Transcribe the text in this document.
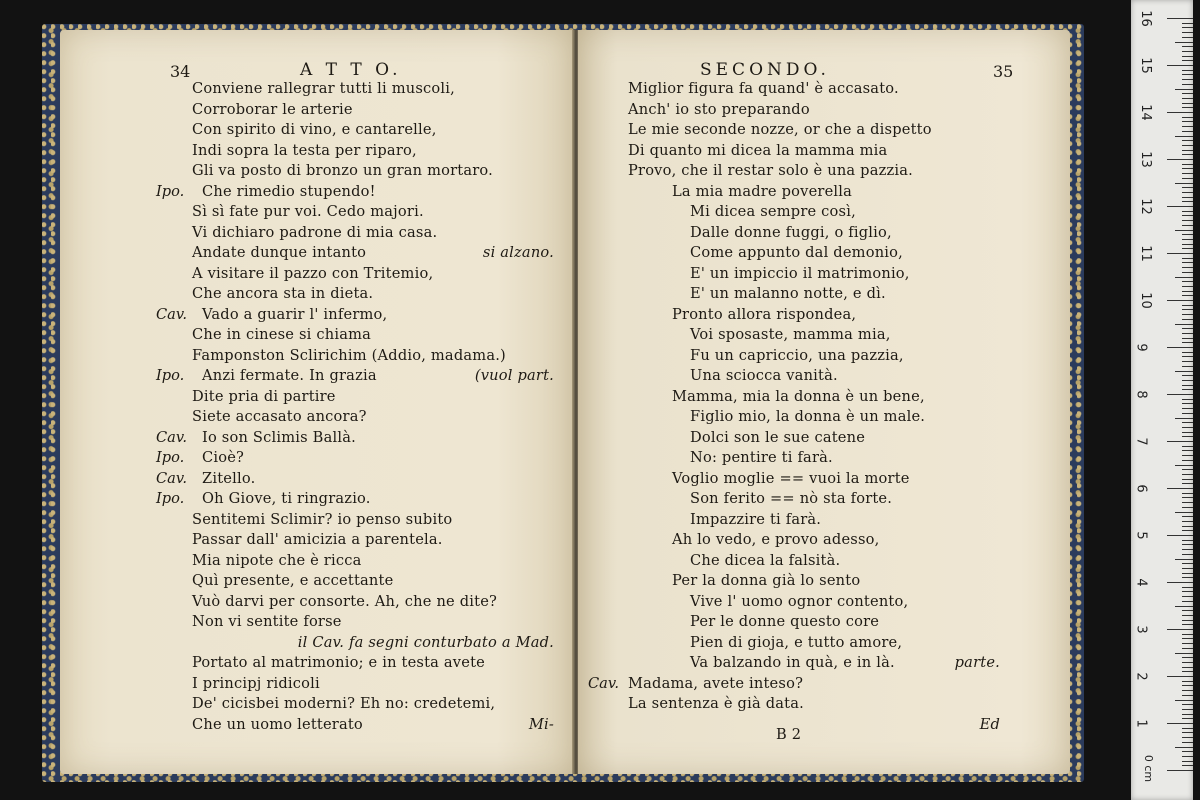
34	A T T O.
Conviene rallegrar tutti li muscoli,
Corroborar le arterie
Con spirito di vino, e cantarelle,
Indi sopra la testa per riparo,
Gli va posto di bronzo un gran mortaro.
Ipo. Che rimedio stupendo!
Sì sì fate pur voi. Cedo majori.
Vi dichiaro padrone di mia casa.
Andate dunque intanto	si alzano.
A visitare il pazzo con Tritemio,
Che ancora sta in dieta.
Cav. Vado a guarir l' infermo,
Che in cinese si chiama
Famponston Sclirichim (Addio, madama.)
Ipo. Anzi fermate. In grazia	(vuol part.
Dite pria di partire
Siete accasato ancora?
Cav. Io son Sclimis Ballà.
Ipo. Cioè?
Cav. Zitello.
Ipo. Oh Giove, ti ringrazio.
Sentitemi Sclimir? io penso subito
Passar dall' amicizia a parentela.
Mia nipote che è ricca
Quì presente, e accettante
Vuò darvi per consorte. Ah, che ne dite?
Non vi sentite forse
il Cav. fa segni conturbato a Mad.
Portato al matrimonio; e in testa avete
I principj ridicoli
De' cicisbei moderni? Eh no: credetemi,
Che un uomo letterato	Mi-
SECONDO.	35
Miglior figura fa quand' è accasato.
Anch' io sto preparando
Le mie seconde nozze, or che a dispetto
Di quanto mi dicea la mamma mia
Provo, che il restar solo è una pazzia.
La mia madre poverella
Mi dicea sempre così,
Dalle donne fuggi, o figlio,
Come appunto dal demonio,
E' un impiccio il matrimonio,
E' un malanno notte, e dì.
Pronto allora rispondea,
Voi sposaste, mamma mia,
Fu un capriccio, una pazzia,
Una sciocca vanità.
Mamma, mia la donna è un bene,
Figlio mio, la donna è un male.
Dolci son le sue catene
No: pentire ti farà.
Voglio moglie == vuoi la morte
Son ferito == nò sta forte.
Impazzire ti farà.
Ah lo vedo, e provo adesso,
Che dicea la falsità.
Per la donna già lo sento
Vive l' uomo ognor contento,
Per le donne questo core
Pien di gioja, e tutto amore,
Va balzando in quà, e in là.	parte.
Cav. Madama, avete inteso?
La sentenza è già data.
Ed
B 2
0 cm
1
2
3
4
5
6
7
8
9
10
11
12
13
14
15
16
